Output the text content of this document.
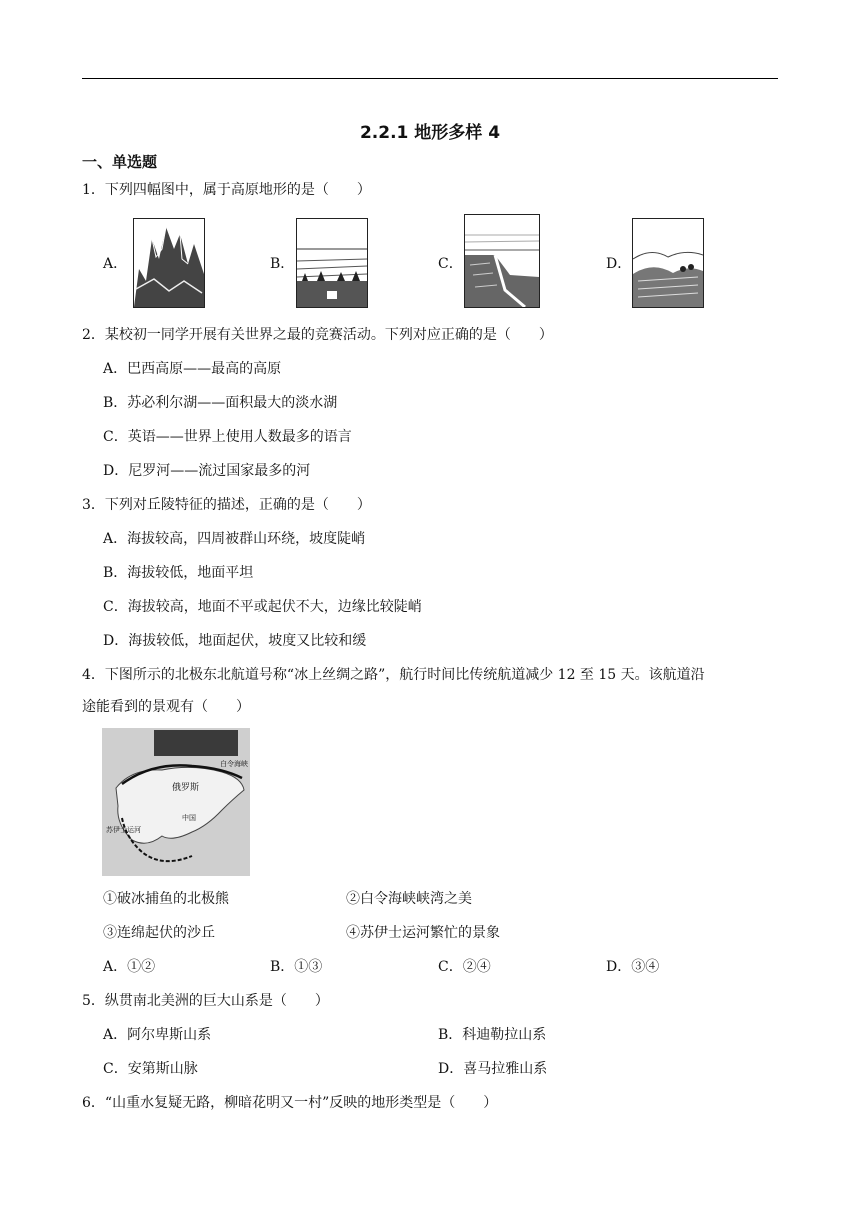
2.2.1 地形多样 4
一、单选题
1．下列四幅图中，属于高原地形的是（　　）
A．	B．	C．	D．
2．某校初一同学开展有关世界之最的竞赛活动。下列对应正确的是（　　）
A．巴西高原——最高的高原
B．苏必利尔湖——面积最大的淡水湖
C．英语——世界上使用人数最多的语言
D．尼罗河——流过国家最多的河
3．下列对丘陵特征的描述，正确的是（　　）
A．海拔较高，四周被群山环绕，坡度陡峭
B．海拔较低，地面平坦
C．海拔较高，地面不平或起伏不大，边缘比较陡峭
D．海拔较低，地面起伏，坡度又比较和缓
4．下图所示的北极东北航道号称“冰上丝绸之路”，航行时间比传统航道减少 12 至 15 天。该航道沿
途能看到的景观有（　　）
俄罗斯
白令海峡
中国
苏伊士运河
①破冰捕鱼的北极熊	②白令海峡峡湾之美
③连绵起伏的沙丘	④苏伊士运河繁忙的景象
A．①②	B．①③	C．②④	D．③④
5．纵贯南北美洲的巨大山系是（　　）
A．阿尔卑斯山系	B．科迪勒拉山系
C．安第斯山脉	D．喜马拉雅山系
6．“山重水复疑无路，柳暗花明又一村”反映的地形类型是（　　）
